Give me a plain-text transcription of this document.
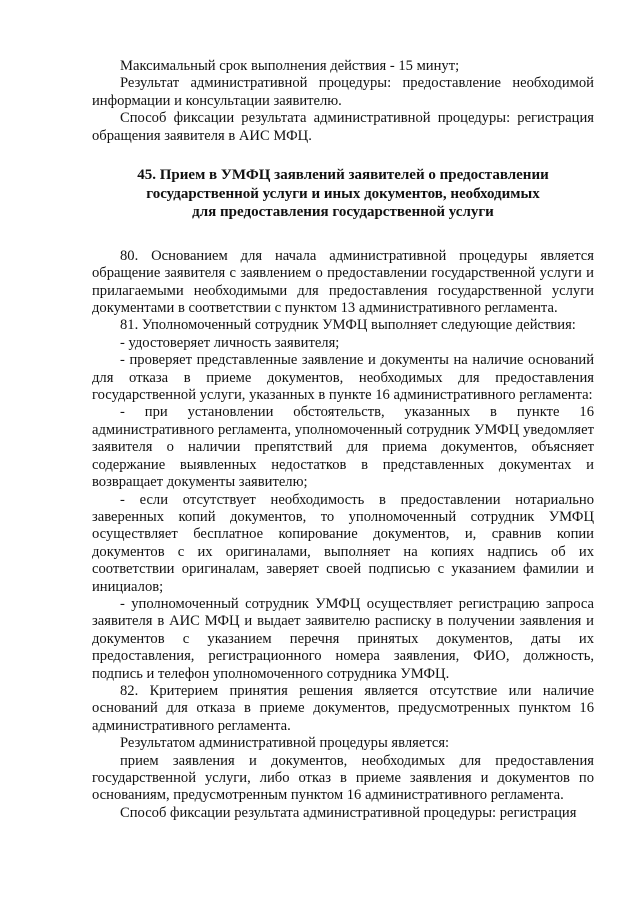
Максимальный срок выполнения действия - 15 минут;

Результат административной процедуры: предоставление необходимой информации и консультации заявителю.

Способ фиксации результата административной процедуры: регистрация обращения заявителя в АИС МФЦ.

45. Прием в УМФЦ заявлений заявителей о предоставлении
государственной услуги и иных документов, необходимых
для предоставления государственной услуги

80. Основанием для начала административной процедуры является обращение заявителя с заявлением о предоставлении государственной услуги и прилагаемыми необходимыми для предоставления государственной услуги документами в соответствии с пунктом 13 административного регламента.

81. Уполномоченный сотрудник УМФЦ выполняет следующие действия:

- удостоверяет личность заявителя;

- проверяет представленные заявление и документы на наличие оснований для отказа в приеме документов, необходимых для предоставления государственной услуги, указанных в пункте 16 административного регламента:

- при установлении обстоятельств, указанных в пункте 16 административного регламента, уполномоченный сотрудник УМФЦ уведомляет заявителя о наличии препятствий для приема документов, объясняет содержание выявленных недостатков в представленных документах и возвращает документы заявителю;

- если отсутствует необходимость в предоставлении нотариально заверенных копий документов, то уполномоченный сотрудник УМФЦ осуществляет бесплатное копирование документов, и, сравнив копии документов с их оригиналами, выполняет на копиях надпись об их соответствии оригиналам, заверяет своей подписью с указанием фамилии и инициалов;

- уполномоченный сотрудник УМФЦ осуществляет регистрацию запроса заявителя в АИС МФЦ и выдает заявителю расписку в получении заявления и документов с указанием перечня принятых документов, даты их предоставления, регистрационного номера заявления, ФИО, должность, подпись и телефон уполномоченного сотрудника УМФЦ.

82. Критерием принятия решения является отсутствие или наличие оснований для отказа в приеме документов, предусмотренных пунктом 16 административного регламента.

Результатом административной процедуры является:

прием заявления и документов, необходимых для предоставления государственной услуги, либо отказ в приеме заявления и документов по основаниям, предусмотренным пунктом 16 административного регламента.

Способ фиксации результата административной процедуры: регистрация
